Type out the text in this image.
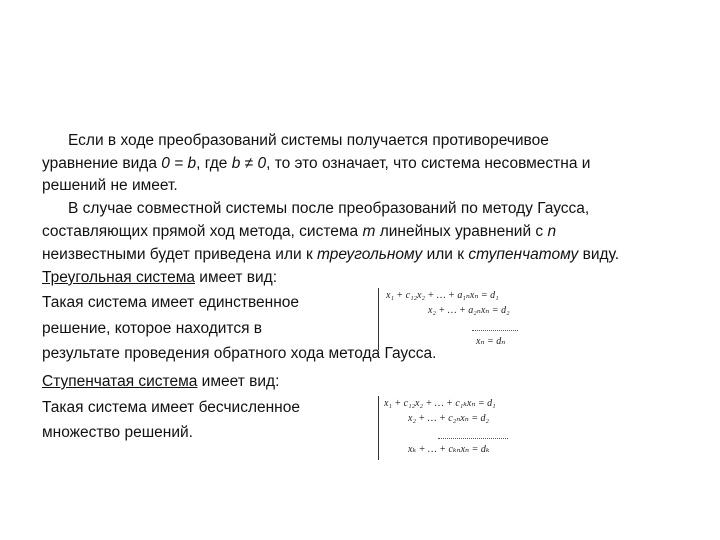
Если в ходе преобразований системы получается противоречивое
уравнение вида 0 = b, где b ≠ 0, то это означает, что система несовместна и
решений не имеет.
В случае совместной системы после преобразований по методу Гаусса,
составляющих прямой ход метода, система m линейных уравнений с n
неизвестными будет приведена или к треугольному или к ступенчатому виду.
Треугольная система имеет вид:
Такая система имеет единственное
решение, которое находится в
результате проведения обратного хода метода Гаусса.
x₁ + c₁₂x₂ + … + a₁ₙxₙ = d₁
x₂ + … + a₂ₙxₙ = d₂
xₙ = dₙ
Ступенчатая система имеет вид:
Такая система имеет бесчисленное
множество решений.
x₁ + c₁₂x₂ + … + c₁ₖxₙ = d₁
x₂ + … + c₂ₙxₙ = d₂
xₖ + … + cₖₙxₙ = dₖ
